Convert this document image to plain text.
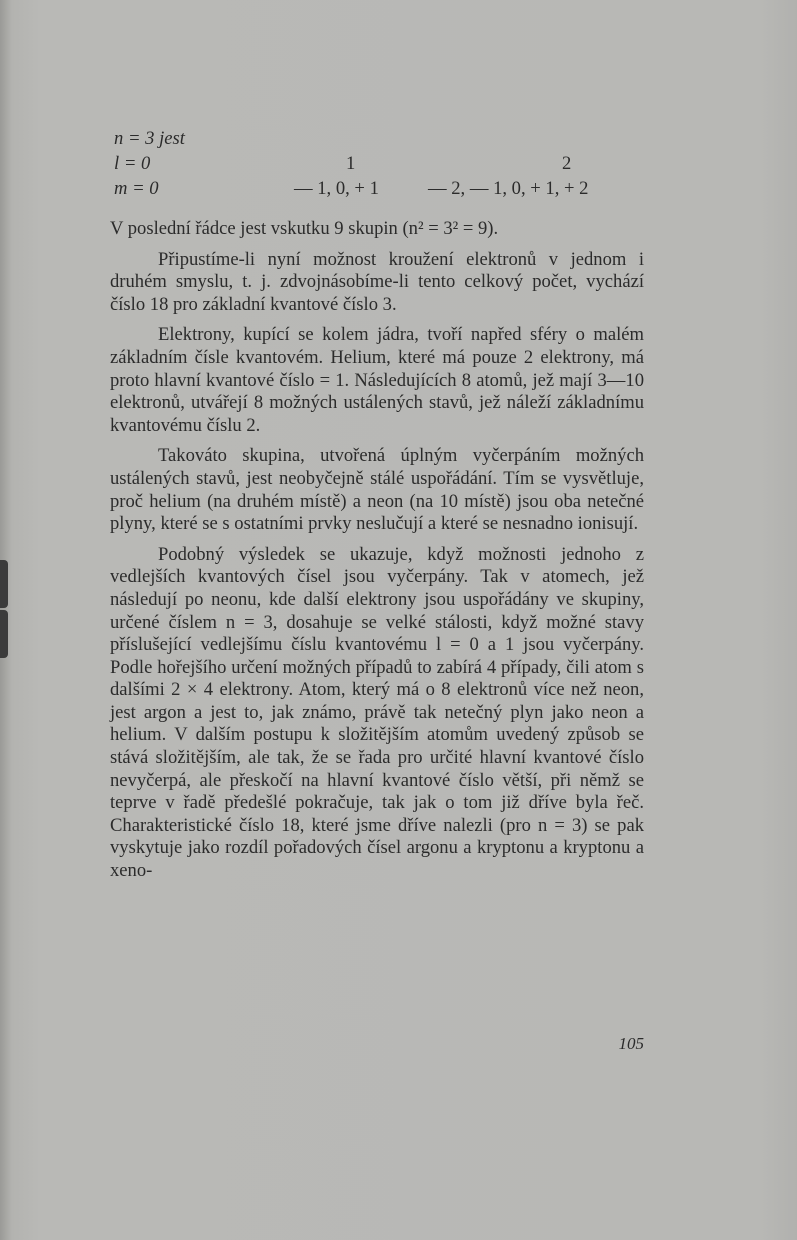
n = 3 jest
l = 0	1	2
m = 0	— 1, 0, + 1	— 2, — 1, 0, + 1, + 2

V poslední řádce jest vskutku 9 skupin (n² = 3² = 9).

Připustíme-li nyní možnost kroužení elektronů v jednom i druhém smyslu, t. j. zdvojnásobíme-li tento celkový počet, vychází číslo 18 pro základní kvantové číslo 3.

Elektrony, kupící se kolem jádra, tvoří napřed sféry o malém základním čísle kvantovém. Helium, které má pouze 2 elektrony, má proto hlavní kvantové číslo = 1. Následujících 8 atomů, jež mají 3—10 elektronů, utvářejí 8 možných ustálených stavů, jež náleží základnímu kvantovému číslu 2.

Takováto skupina, utvořená úplným vyčerpáním možných ustálených stavů, jest neobyčejně stálé uspořádání. Tím se vysvětluje, proč helium (na druhém místě) a neon (na 10 místě) jsou oba netečné plyny, které se s ostatními prvky neslučují a které se nesnadno ionisují.

Podobný výsledek se ukazuje, když možnosti jednoho z vedlejších kvantových čísel jsou vyčerpány. Tak v atomech, jež následují po neonu, kde další elektrony jsou uspořádány ve skupiny, určené číslem n = 3, dosahuje se velké stálosti, když možné stavy příslušející vedlejšímu číslu kvantovému l = 0 a 1 jsou vyčerpány. Podle hořejšího určení možných případů to zabírá 4 případy, čili atom s dalšími 2 × 4 elektrony. Atom, který má o 8 elektronů více než neon, jest argon a jest to, jak známo, právě tak netečný plyn jako neon a helium. V dalším postupu k složitějším atomům uvedený způsob se stává složitějším, ale tak, že se řada pro určité hlavní kvantové číslo nevyčerpá, ale přeskočí na hlavní kvantové číslo větší, při němž se teprve v řadě předešlé pokračuje, tak jak o tom již dříve byla řeč. Charakteristické číslo 18, které jsme dříve nalezli (pro n = 3) se pak vyskytuje jako rozdíl pořadových čísel argonu a kryptonu a kryptonu a xeno-

105
